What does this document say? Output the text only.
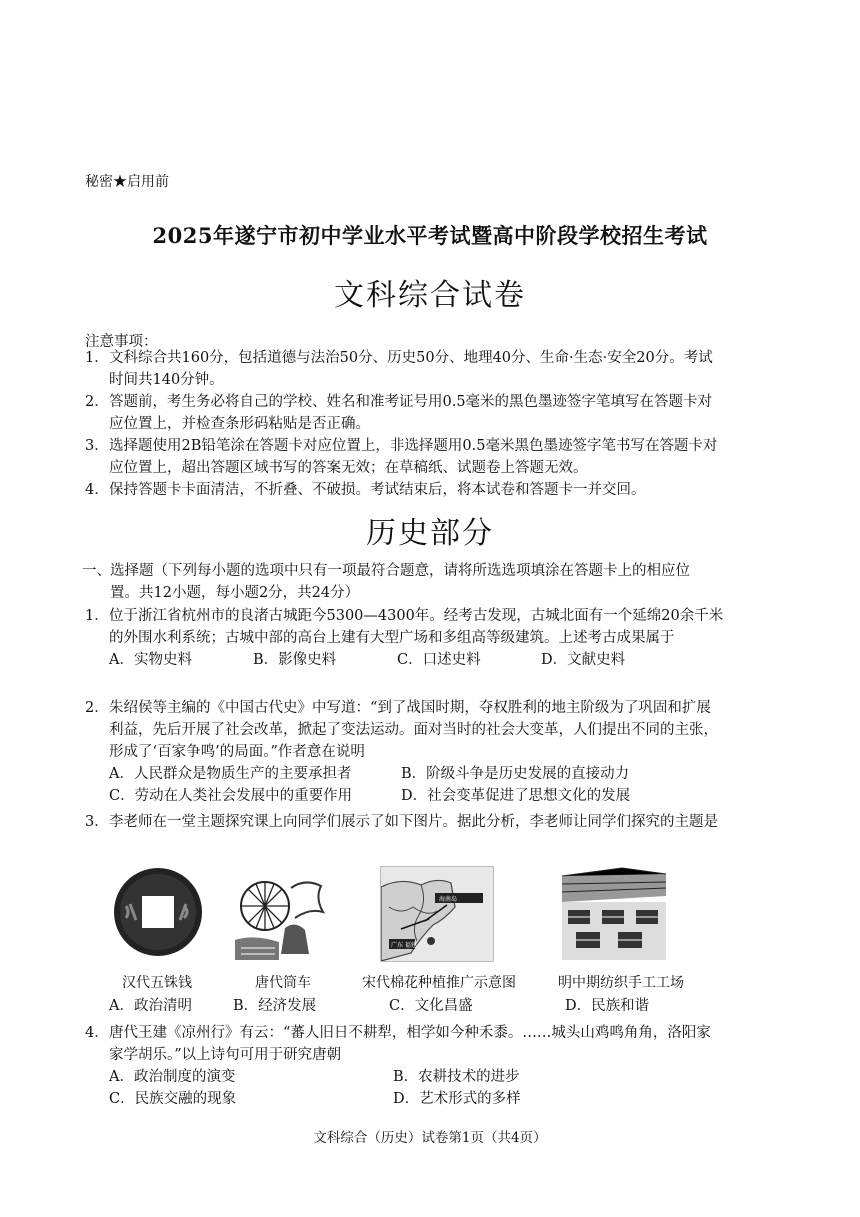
秘密★启用前
2025年遂宁市初中学业水平考试暨高中阶段学校招生考试
文科综合试卷
注意事项：
1． 文科综合共160分，包括道德与法治50分、历史50分、地理40分、生命·生态·安全20分。考试时间共140分钟。
2． 答题前，考生务必将自己的学校、姓名和准考证号用0.5毫米的黑色墨迹签字笔填写在答题卡对应位置上，并检查条形码粘贴是否正确。
3． 选择题使用2B铅笔涂在答题卡对应位置上，非选择题用0.5毫米黑色墨迹签字笔书写在答题卡对应位置上，超出答题区域书写的答案无效；在草稿纸、试题卷上答题无效。
4． 保持答题卡卡面清洁，不折叠、不破损。考试结束后，将本试卷和答题卡一并交回。
历史部分
一、 选择题（下列每小题的选项中只有一项最符合题意，请将所选选项填涂在答题卡上的相应位置。共12小题，每小题2分，共24分）
1． 位于浙江省杭州市的良渚古城距今5300—4300年。经考古发现，古城北面有一个延绵20余千米的外围水利系统；古城中部的高台上建有大型广场和多组高等级建筑。上述考古成果属于
A．实物史料	B．影像史料	C．口述史料	D．文献史料
2． 朱绍侯等主编的《中国古代史》中写道：“到了战国时期，夺权胜利的地主阶级为了巩固和扩展利益，先后开展了社会改革，掀起了变法运动。面对当时的社会大变革，人们提出不同的主张，形成了‘百家争鸣’的局面。”作者意在说明
A．人民群众是物质生产的主要承担者	B．阶级斗争是历史发展的直接动力
C．劳动在人类社会发展中的重要作用	D．社会变革促进了思想文化的发展
3． 李老师在一堂主题探究课上向同学们展示了如下图片。据此分析，李老师让同学们探究的主题是
海南岛
广东 福建
汉代五铢钱	唐代筒车	宋代棉花种植推广示意图	明中期纺织手工工场
A．政治清明	B．经济发展	C．文化昌盛	D．民族和谐
4． 唐代王建《凉州行》有云：“蕃人旧日不耕犁，相学如今种禾黍。……城头山鸡鸣角角，洛阳家家学胡乐。”以上诗句可用于研究唐朝
A．政治制度的演变	B．农耕技术的进步
C．民族交融的现象	D．艺术形式的多样
文科综合（历史）试卷第1页（共4页）
